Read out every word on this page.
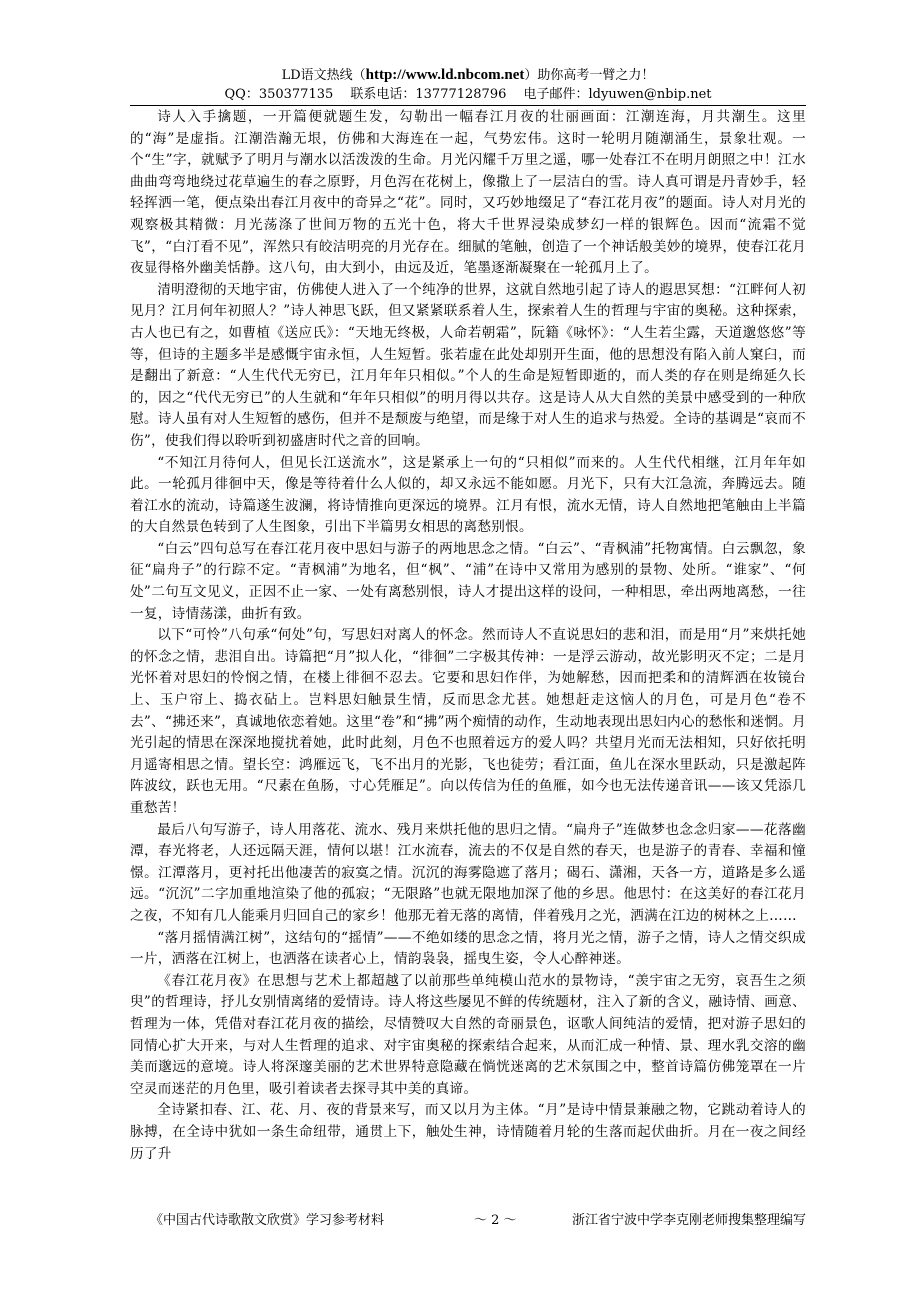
LD语文热线（http://www.ld.nbcom.net）助你高考一臂之力！
QQ：350377135　 联系电话：13777128796　 电子邮件：ldyuwen@nbip.net

诗人入手擒题，一开篇便就题生发，勾勒出一幅春江月夜的壮丽画面：江潮连海，月共潮生。这里的“海”是虚指。江潮浩瀚无垠，仿佛和大海连在一起，气势宏伟。这时一轮明月随潮涌生，景象壮观。一个“生”字，就赋予了明月与潮水以活泼泼的生命。月光闪耀千万里之遥，哪一处春江不在明月朗照之中！江水曲曲弯弯地绕过花草遍生的春之原野，月色泻在花树上，像撒上了一层洁白的雪。诗人真可谓是丹青妙手，轻轻挥洒一笔，便点染出春江月夜中的奇异之“花”。同时，又巧妙地缀足了“春江花月夜”的题面。诗人对月光的观察极其精微：月光荡涤了世间万物的五光十色，将大千世界浸染成梦幻一样的银辉色。因而“流霜不觉飞”，“白汀看不见”，浑然只有皎洁明亮的月光存在。细腻的笔触，创造了一个神话般美妙的境界，使春江花月夜显得格外幽美恬静。这八句，由大到小，由远及近，笔墨逐渐凝聚在一轮孤月上了。

清明澄彻的天地宇宙，仿佛使人进入了一个纯净的世界，这就自然地引起了诗人的遐思冥想：“江畔何人初见月？江月何年初照人？”诗人神思飞跃，但又紧紧联系着人生，探索着人生的哲理与宇宙的奥秘。这种探索，古人也已有之，如曹植《送应氏》：“天地无终极，人命若朝霜”，阮籍《咏怀》：“人生若尘露，天道邈悠悠”等等，但诗的主题多半是感慨宇宙永恒，人生短暂。张若虚在此处却别开生面，他的思想没有陷入前人窠臼，而是翻出了新意：“人生代代无穷已，江月年年只相似。”个人的生命是短暂即逝的，而人类的存在则是绵延久长的，因之“代代无穷已”的人生就和“年年只相似”的明月得以共存。这是诗人从大自然的美景中感受到的一种欣慰。诗人虽有对人生短暂的感伤，但并不是颓废与绝望，而是缘于对人生的追求与热爱。全诗的基调是“哀而不伤”，使我们得以聆听到初盛唐时代之音的回响。

“不知江月待何人，但见长江送流水”，这是紧承上一句的“只相似”而来的。人生代代相继，江月年年如此。一轮孤月徘徊中天，像是等待着什么人似的，却又永远不能如愿。月光下，只有大江急流，奔腾远去。随着江水的流动，诗篇遂生波澜，将诗情推向更深远的境界。江月有恨，流水无情，诗人自然地把笔触由上半篇的大自然景色转到了人生图象，引出下半篇男女相思的离愁别恨。

“白云”四句总写在春江花月夜中思妇与游子的两地思念之情。“白云”、“青枫浦”托物寓情。白云飘忽，象征“扁舟子”的行踪不定。“青枫浦”为地名，但“枫”、“浦”在诗中又常用为感别的景物、处所。“谁家”、“何处”二句互文见义，正因不止一家、一处有离愁别恨，诗人才提出这样的设问，一种相思，牵出两地离愁，一往一复，诗情荡漾，曲折有致。

以下“可怜”八句承“何处”句，写思妇对离人的怀念。然而诗人不直说思妇的悲和泪，而是用“月”来烘托她的怀念之情，悲泪自出。诗篇把“月”拟人化，“徘徊”二字极其传神：一是浮云游动，故光影明灭不定；二是月光怀着对思妇的怜悯之情，在楼上徘徊不忍去。它要和思妇作伴，为她解愁，因而把柔和的清辉洒在妆镜台上、玉户帘上、捣衣砧上。岂料思妇触景生情，反而思念尤甚。她想赶走这恼人的月色，可是月色“卷不去”、“拂还来”，真诚地依恋着她。这里“卷”和“拂”两个痴情的动作，生动地表现出思妇内心的愁怅和迷惘。月光引起的情思在深深地搅扰着她，此时此刻，月色不也照着远方的爱人吗？共望月光而无法相知，只好依托明月遥寄相思之情。望长空：鸿雁远飞，飞不出月的光影，飞也徒劳；看江面，鱼儿在深水里跃动，只是激起阵阵波纹，跃也无用。“尺素在鱼肠，寸心凭雁足”。向以传信为任的鱼雁，如今也无法传递音讯——该又凭添几重愁苦！

最后八句写游子，诗人用落花、流水、残月来烘托他的思归之情。“扁舟子”连做梦也念念归家——花落幽潭，春光将老，人还远隔天涯，情何以堪！江水流春，流去的不仅是自然的春天，也是游子的青春、幸福和憧憬。江潭落月，更衬托出他凄苦的寂寞之情。沉沉的海雾隐遮了落月；碣石、潇湘，天各一方，道路是多么遥远。“沉沉”二字加重地渲染了他的孤寂；“无限路”也就无限地加深了他的乡思。他思忖：在这美好的春江花月之夜，不知有几人能乘月归回自己的家乡！他那无着无落的离情，伴着残月之光，洒满在江边的树林之上……

“落月摇情满江树”，这结句的“摇情”——不绝如缕的思念之情，将月光之情，游子之情，诗人之情交织成一片，洒落在江树上，也洒落在读者心上，情韵袅袅，摇曳生姿，令人心醉神迷。

《春江花月夜》在思想与艺术上都超越了以前那些单纯模山范水的景物诗，“羡宇宙之无穷，哀吾生之须臾”的哲理诗，抒儿女别情离绪的爱情诗。诗人将这些屡见不鲜的传统题材，注入了新的含义，融诗情、画意、哲理为一体，凭借对春江花月夜的描绘，尽情赞叹大自然的奇丽景色，讴歌人间纯洁的爱情，把对游子思妇的同情心扩大开来，与对人生哲理的追求、对宇宙奥秘的探索结合起来，从而汇成一种情、景、理水乳交溶的幽美而邈远的意境。诗人将深邃美丽的艺术世界特意隐藏在惝恍迷离的艺术氛围之中，整首诗篇仿佛笼罩在一片空灵而迷茫的月色里，吸引着读者去探寻其中美的真谛。

全诗紧扣春、江、花、月、夜的背景来写，而又以月为主体。“月”是诗中情景兼融之物，它跳动着诗人的脉搏，在全诗中犹如一条生命纽带，通贯上下，触处生神，诗情随着月轮的生落而起伏曲折。月在一夜之间经历了升

《中国古代诗歌散文欣赏》学习参考材料	～ 2 ～	浙江省宁波中学李克刚老师搜集整理编写
